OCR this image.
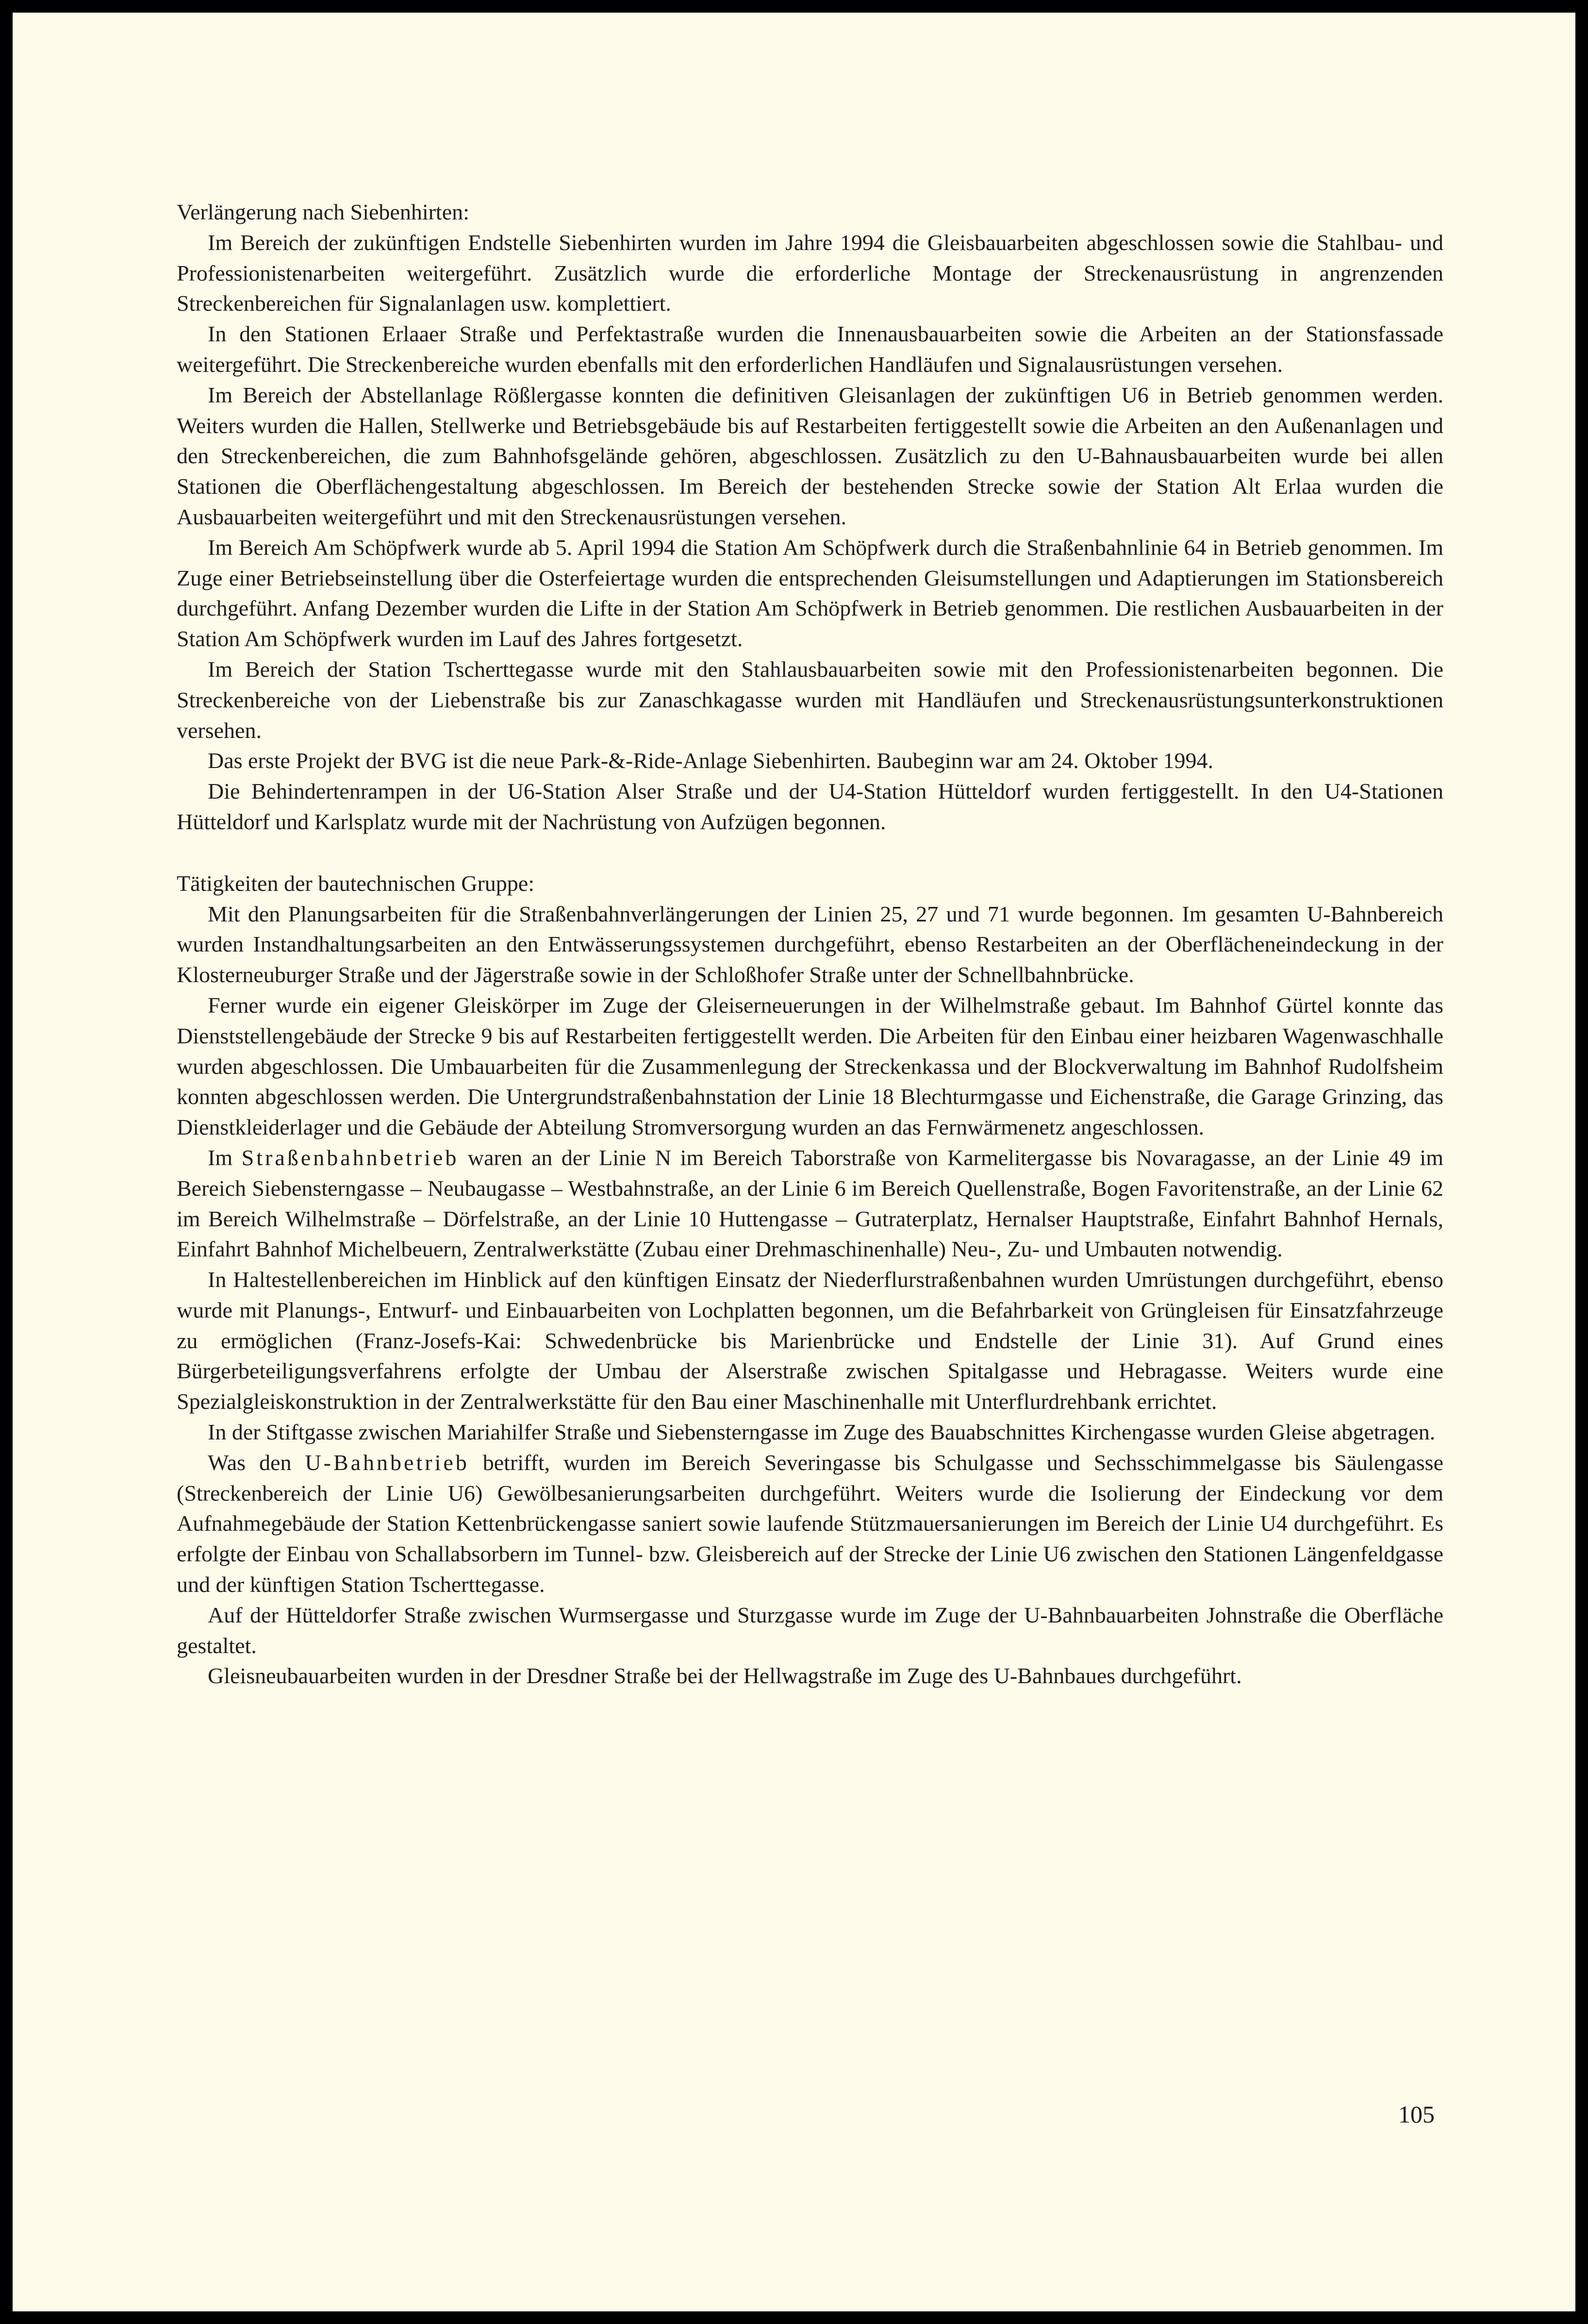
Verlängerung nach Siebenhirten:

Im Bereich der zukünftigen Endstelle Siebenhirten wurden im Jahre 1994 die Gleisbauarbeiten abgeschlossen sowie die Stahlbau- und Professionistenarbeiten weitergeführt. Zusätzlich wurde die erforderliche Montage der Streckenausrüstung in angrenzenden Streckenbereichen für Signalanlagen usw. komplettiert.

In den Stationen Erlaaer Straße und Perfektastraße wurden die Innenausbauarbeiten sowie die Arbeiten an der Stationsfassade weitergeführt. Die Streckenbereiche wurden ebenfalls mit den erforderlichen Handläufen und Signalausrüstungen versehen.

Im Bereich der Abstellanlage Rößlergasse konnten die definitiven Gleisanlagen der zukünftigen U6 in Betrieb genommen werden. Weiters wurden die Hallen, Stellwerke und Betriebsgebäude bis auf Restarbeiten fertiggestellt sowie die Arbeiten an den Außenanlagen und den Streckenbereichen, die zum Bahnhofsgelände gehören, abgeschlossen. Zusätzlich zu den U-Bahnausbauarbeiten wurde bei allen Stationen die Oberflächengestaltung abgeschlossen. Im Bereich der bestehenden Strecke sowie der Station Alt Erlaa wurden die Ausbauarbeiten weitergeführt und mit den Streckenausrüstungen versehen.

Im Bereich Am Schöpfwerk wurde ab 5. April 1994 die Station Am Schöpfwerk durch die Straßenbahnlinie 64 in Betrieb genommen. Im Zuge einer Betriebseinstellung über die Osterfeiertage wurden die entsprechenden Gleisumstellungen und Adaptierungen im Stationsbereich durchgeführt. Anfang Dezember wurden die Lifte in der Station Am Schöpfwerk in Betrieb genommen. Die restlichen Ausbauarbeiten in der Station Am Schöpfwerk wurden im Lauf des Jahres fortgesetzt.

Im Bereich der Station Tscherttegasse wurde mit den Stahlausbauarbeiten sowie mit den Professionistenarbeiten begonnen. Die Streckenbereiche von der Liebenstraße bis zur Zanaschkagasse wurden mit Handläufen und Streckenausrüstungsunterkonstruktionen versehen.

Das erste Projekt der BVG ist die neue Park-&-Ride-Anlage Siebenhirten. Baubeginn war am 24. Oktober 1994.

Die Behindertenrampen in der U6-Station Alser Straße und der U4-Station Hütteldorf wurden fertiggestellt. In den U4-Stationen Hütteldorf und Karlsplatz wurde mit der Nachrüstung von Aufzügen begonnen.

Tätigkeiten der bautechnischen Gruppe:

Mit den Planungsarbeiten für die Straßenbahnverlängerungen der Linien 25, 27 und 71 wurde begonnen. Im gesamten U-Bahnbereich wurden Instandhaltungsarbeiten an den Entwässerungssystemen durchgeführt, ebenso Restarbeiten an der Oberflächeneindeckung in der Klosterneuburger Straße und der Jägerstraße sowie in der Schloßhofer Straße unter der Schnellbahnbrücke.

Ferner wurde ein eigener Gleiskörper im Zuge der Gleiserneuerungen in der Wilhelmstraße gebaut. Im Bahnhof Gürtel konnte das Dienststellengebäude der Strecke 9 bis auf Restarbeiten fertiggestellt werden. Die Arbeiten für den Einbau einer heizbaren Wagenwaschhalle wurden abgeschlossen. Die Umbauarbeiten für die Zusammenlegung der Streckenkassa und der Blockverwaltung im Bahnhof Rudolfsheim konnten abgeschlossen werden. Die Untergrundstraßenbahnstation der Linie 18 Blechturmgasse und Eichenstraße, die Garage Grinzing, das Dienstkleiderlager und die Gebäude der Abteilung Stromversorgung wurden an das Fernwärmenetz angeschlossen.

Im Straßenbahnbetrieb waren an der Linie N im Bereich Taborstraße von Karmelitergasse bis Novaragasse, an der Linie 49 im Bereich Siebensterngasse – Neubaugasse – Westbahnstraße, an der Linie 6 im Bereich Quellenstraße, Bogen Favoritenstraße, an der Linie 62 im Bereich Wilhelmstraße – Dörfelstraße, an der Linie 10 Huttengasse – Gutraterplatz, Hernalser Hauptstraße, Einfahrt Bahnhof Hernals, Einfahrt Bahnhof Michelbeuern, Zentralwerkstätte (Zubau einer Drehmaschinenhalle) Neu-, Zu- und Umbauten notwendig.

In Haltestellenbereichen im Hinblick auf den künftigen Einsatz der Niederflurstraßenbahnen wurden Umrüstungen durchgeführt, ebenso wurde mit Planungs-, Entwurf- und Einbauarbeiten von Lochplatten begonnen, um die Befahrbarkeit von Grüngleisen für Einsatzfahrzeuge zu ermöglichen (Franz-Josefs-Kai: Schwedenbrücke bis Marienbrücke und Endstelle der Linie 31). Auf Grund eines Bürgerbeteiligungsverfahrens erfolgte der Umbau der Alserstraße zwischen Spitalgasse und Hebragasse. Weiters wurde eine Spezialgleiskonstruktion in der Zentralwerkstätte für den Bau einer Maschinenhalle mit Unterflurdrehbank errichtet.

In der Stiftgasse zwischen Mariahilfer Straße und Siebensterngasse im Zuge des Bauabschnittes Kirchengasse wurden Gleise abgetragen.

Was den U-Bahnbetrieb betrifft, wurden im Bereich Severingasse bis Schulgasse und Sechsschimmelgasse bis Säulengasse (Streckenbereich der Linie U6) Gewölbesanierungsarbeiten durchgeführt. Weiters wurde die Isolierung der Eindeckung vor dem Aufnahmegebäude der Station Kettenbrückengasse saniert sowie laufende Stützmauersanierungen im Bereich der Linie U4 durchgeführt. Es erfolgte der Einbau von Schallabsorbern im Tunnel- bzw. Gleisbereich auf der Strecke der Linie U6 zwischen den Stationen Längenfeldgasse und der künftigen Station Tscherttegasse.

Auf der Hütteldorfer Straße zwischen Wurmsergasse und Sturzgasse wurde im Zuge der U-Bahnbauarbeiten Johnstraße die Oberfläche gestaltet.

Gleisneubauarbeiten wurden in der Dresdner Straße bei der Hellwagstraße im Zuge des U-Bahnbaues durchgeführt.

105
